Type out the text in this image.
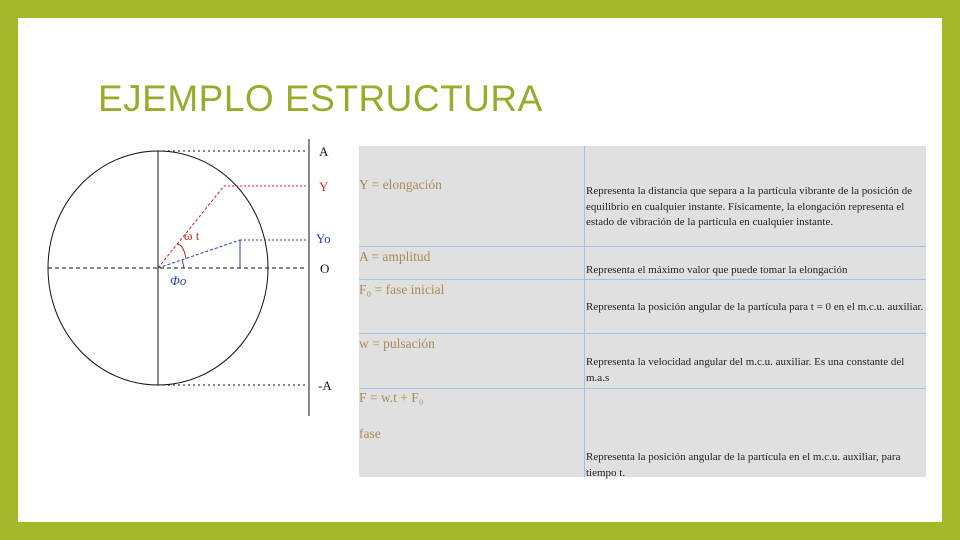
EJEMPLO ESTRUCTURA
A
Y
Yo
O
-A
ω t
Φo
Y = elongación	Representa la distancia que separa a la partícula vibrante de la posición de equilibrio en cualquier instante. Físicamente, la elongación representa el estado de vibración de la partícula en cualquier instante.
A = amplitud
Representa el máximo valor que puede tomar la elongación
F₀ = fase inicial
Representa la posición angular de la partícula para t = 0 en el m.c.u. auxiliar.
w = pulsación
Representa la velocidad angular del m.c.u. auxiliar. Es una constante del m.a.s
F = w.t + F₀
fase
Representa la posición angular de la partícula en el m.c.u. auxiliar, para tiempo t.
